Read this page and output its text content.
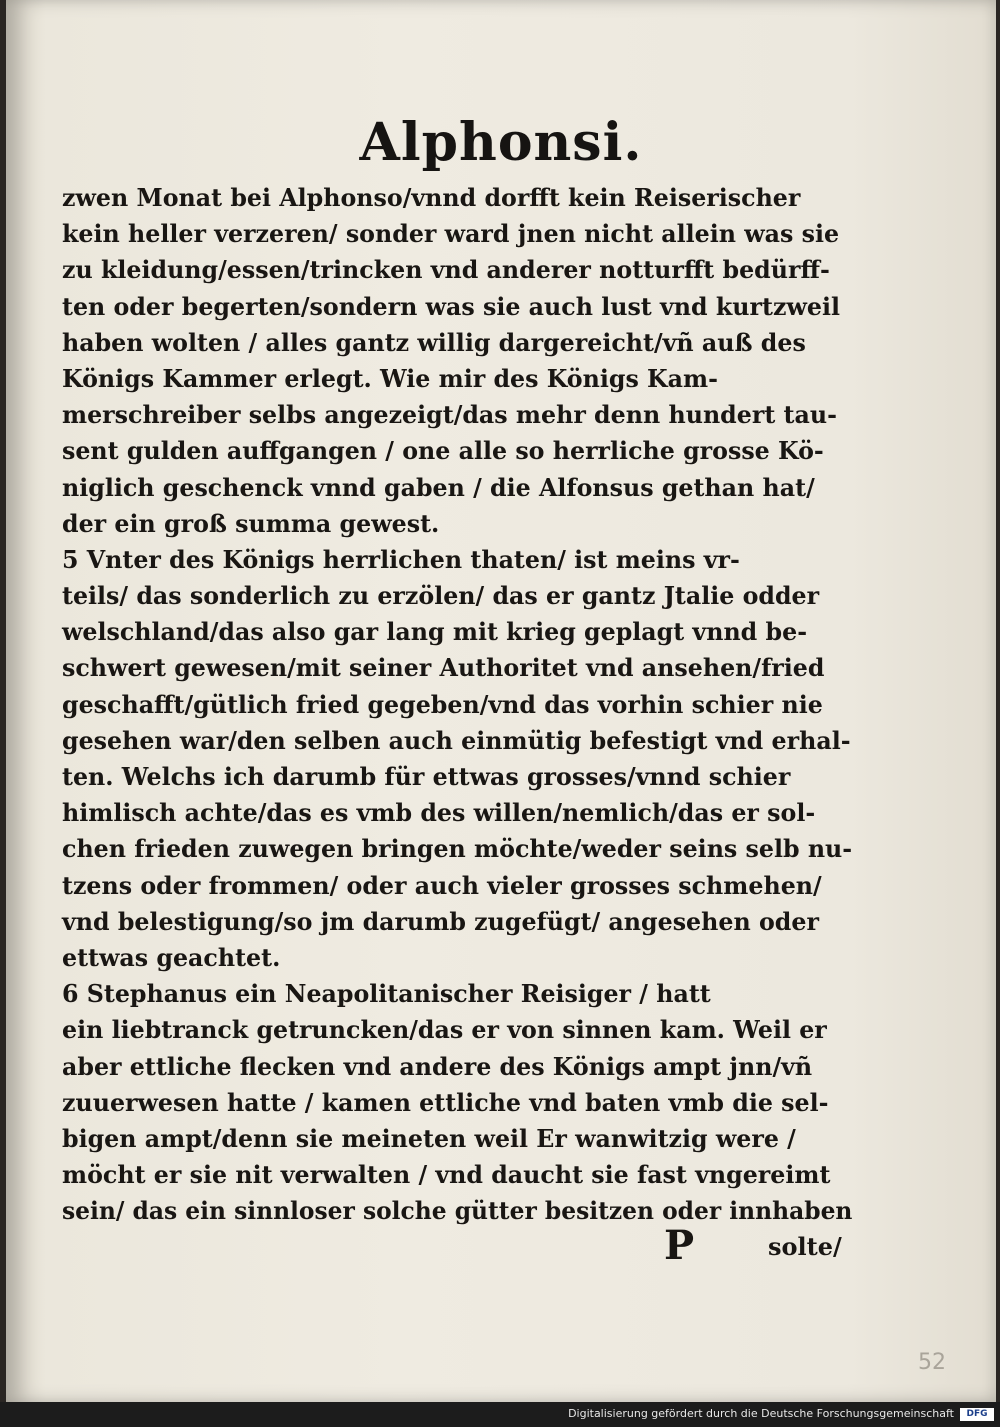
Alphonsi.
zwen Monat bei Alphonso/vnnd dorfft kein Reiserischer
kein heller verzeren/ sonder ward jnen nicht allein was sie
zu kleidung/essen/trincken vnd anderer notturfft bedürff-
ten oder begerten/sondern was sie auch lust vnd kurtzweil
haben wolten / alles gantz willig dargereicht/vñ auß des
Königs Kammer erlegt. Wie mir des Königs Kam-
merschreiber selbs angezeigt/das mehr denn hundert tau-
sent gulden auffgangen / one alle so herrliche grosse Kö-
niglich geschenck vnnd gaben / die Alfonsus gethan hat/
der ein groß summa gewest.
5 Vnter des Königs herrlichen thaten/ ist meins vr-
teils/ das sonderlich zu erzölen/ das er gantz Jtalie odder
welschland/das also gar lang mit krieg geplagt vnnd be-
schwert gewesen/mit seiner Authoritet vnd ansehen/fried
geschafft/gütlich fried gegeben/vnd das vorhin schier nie
gesehen war/den selben auch einmütig befestigt vnd erhal-
ten. Welchs ich darumb für ettwas grosses/vnnd schier
himlisch achte/das es vmb des willen/nemlich/das er sol-
chen frieden zuwegen bringen möchte/weder seins selb nu-
tzens oder frommen/ oder auch vieler grosses schmehen/
vnd belestigung/so jm darumb zugefügt/ angesehen oder
ettwas geachtet.
6 Stephanus ein Neapolitanischer Reisiger / hatt
ein liebtranck getruncken/das er von sinnen kam. Weil er
aber ettliche flecken vnd andere des Königs ampt jnn/vñ
zuuerwesen hatte / kamen ettliche vnd baten vmb die sel-
bigen ampt/denn sie meineten weil Er wanwitzig were /
möcht er sie nit verwalten / vnd daucht sie fast vngereimt
sein/ das ein sinnloser solche gütter besitzen oder innhaben
P	solte/
52
Digitalisierung gefördert durch die Deutsche Forschungsgemeinschaft	DFG
